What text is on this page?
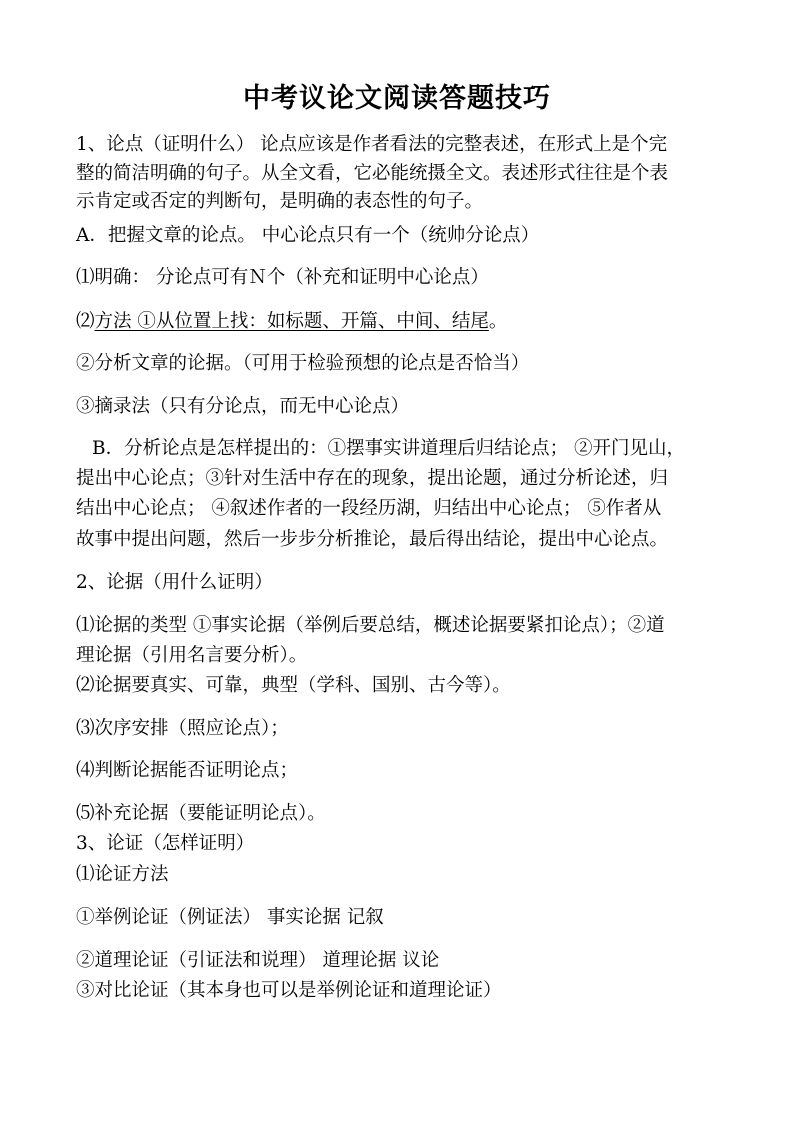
中考议论文阅读答题技巧
1、论点（证明什么） 论点应该是作者看法的完整表述，在形式上是个完
整的简洁明确的句子。从全文看，它必能统摄全文。表述形式往往是个表
示肯定或否定的判断句，是明确的表态性的句子。
A．把握文章的论点。 中心论点只有一个（统帅分论点）
⑴明确： 分论点可有Ｎ个（补充和证明中心论点）
⑵方法 ①从位置上找：如标题、开篇、中间、结尾。
②分析文章的论据。（可用于检验预想的论点是否恰当）
③摘录法（只有分论点，而无中心论点）
B．分析论点是怎样提出的：①摆事实讲道理后归结论点； ②开门见山，
提出中心论点；③针对生活中存在的现象，提出论题，通过分析论述，归
结出中心论点； ④叙述作者的一段经历湖，归结出中心论点； ⑤作者从
故事中提出问题，然后一步步分析推论，最后得出结论，提出中心论点。
2、论据（用什么证明）
⑴论据的类型 ①事实论据（举例后要总结，概述论据要紧扣论点）；②道
理论据（引用名言要分析）。
⑵论据要真实、可靠，典型（学科、国别、古今等）。
⑶次序安排（照应论点）；
⑷判断论据能否证明论点；
⑸补充论据（要能证明论点）。
3、论证（怎样证明）
⑴论证方法
①举例论证（例证法） 事实论据 记叙
②道理论证（引证法和说理） 道理论据 议论
③对比论证（其本身也可以是举例论证和道理论证）
